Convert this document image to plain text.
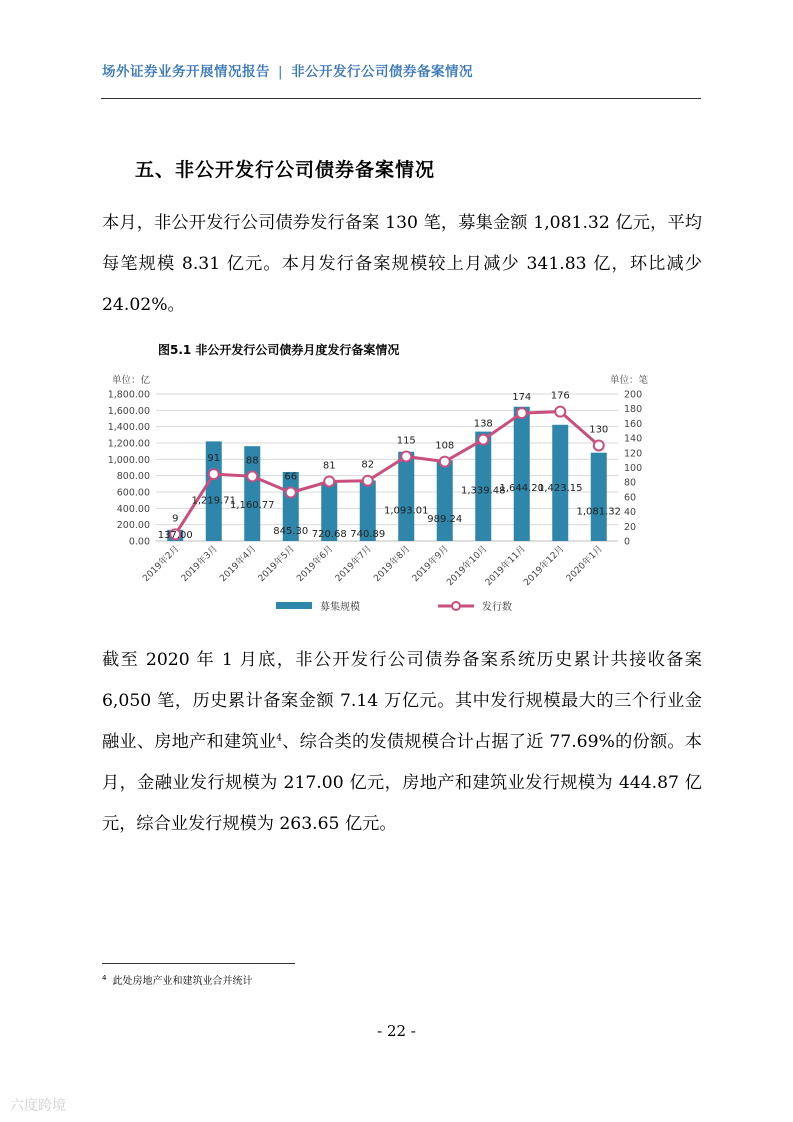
场外证券业务开展情况报告 | 非公开发行公司债券备案情况
五、非公开发行公司债券备案情况
本月，非公开发行公司债券发行备案 130 笔，募集金额 1,081.32 亿元，平均每笔规模 8.31 亿元。本月发行备案规模较上月减少 341.83 亿，环比减少 24.02%。
图5.1 非公开发行公司债券月度发行备案情况
单位：亿	单位：笔
0.00
200.00
400.00
600.00
800.00
1,000.00
1,200.00
1,400.00
1,600.00
1,800.00
0
20
40
60
80
100
120
140
160
180
200
137.00
1,219.71
1,160.77
845.30 720.68 740.89
1,093.01
989.24
1,339.48
1,644.20
1,423.15
1,081.32
9
91	88
66
81	82
115 108
138
174 176
130
2019年2月
2019年3月
2019年4月
2019年5月
2019年6月
2019年7月
2019年8月
2019年9月
2019年10月
2019年11月
2019年12月
2020年1月
募集规模	发行数
截至 2020 年 1 月底，非公开发行公司债券备案系统历史累计共接收备案 6,050 笔，历史累计备案金额 7.14 万亿元。其中发行规模最大的三个行业金融业、房地产和建筑业$^4$、综合类的发债规模合计占据了近 77.69%的份额。本月，金融业发行规模为 217.00 亿元，房地产和建筑业发行规模为 444.87 亿元，综合业发行规模为 263.65 亿元。
$^4$ 此处房地产业和建筑业合并统计
- 22 -
六度跨境
